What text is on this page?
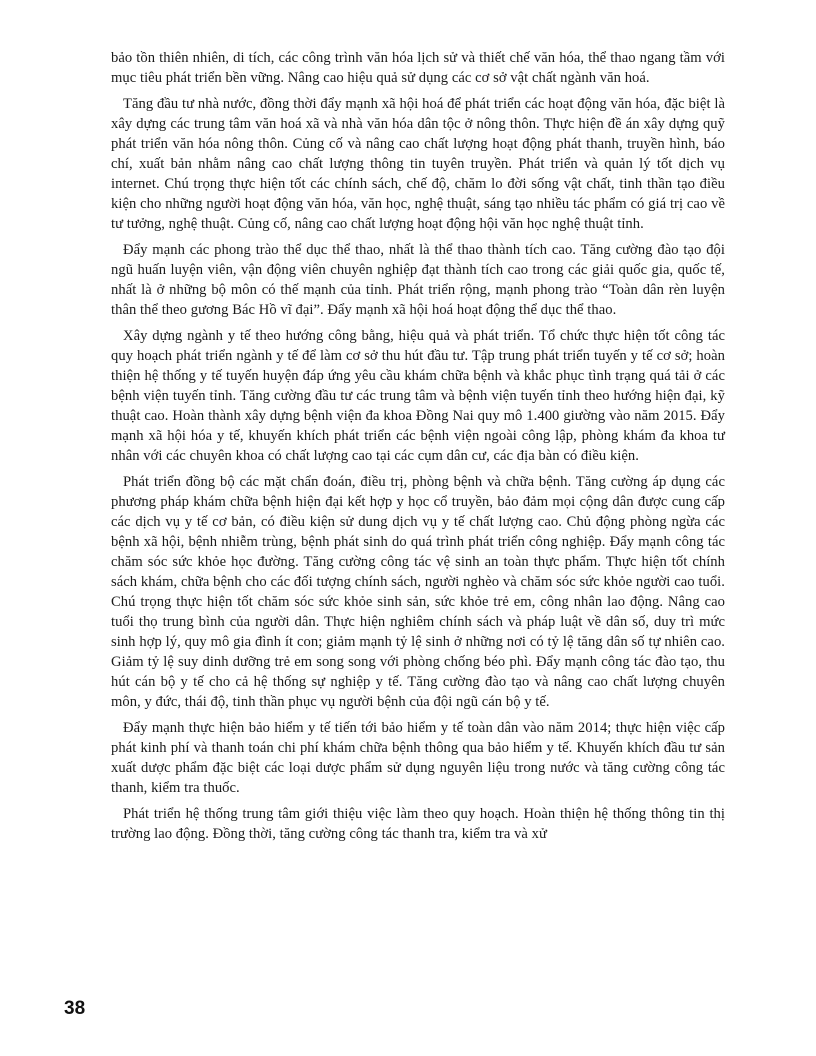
bảo tồn thiên nhiên, di tích, các công trình văn hóa lịch sử và thiết chế văn hóa, thể thao ngang tầm với mục tiêu phát triển bền vững. Nâng cao hiệu quả sử dụng các cơ sở vật chất ngành văn hoá.

Tăng đầu tư nhà nước, đồng thời đẩy mạnh xã hội hoá để phát triển các hoạt động văn hóa, đặc biệt là xây dựng các trung tâm văn hoá xã và nhà văn hóa dân tộc ở nông thôn. Thực hiện đề án xây dựng quỹ phát triển văn hóa nông thôn. Củng cố và nâng cao chất lượng hoạt động phát thanh, truyền hình, báo chí, xuất bản nhằm nâng cao chất lượng thông tin tuyên truyền. Phát triển và quản lý tốt dịch vụ internet. Chú trọng thực hiện tốt các chính sách, chế độ, chăm lo đời sống vật chất, tinh thần tạo điều kiện cho những người hoạt động văn hóa, văn học, nghệ thuật, sáng tạo nhiều tác phẩm có giá trị cao về tư tưởng, nghệ thuật. Củng cố, nâng cao chất lượng hoạt động hội văn học nghệ thuật tỉnh.

Đẩy mạnh các phong trào thể dục thể thao, nhất là thể thao thành tích cao. Tăng cường đào tạo đội ngũ huấn luyện viên, vận động viên chuyên nghiệp đạt thành tích cao trong các giải quốc gia, quốc tế, nhất là ở những bộ môn có thế mạnh của tỉnh. Phát triển rộng, mạnh phong trào “Toàn dân rèn luyện thân thể theo gương Bác Hồ vĩ đại”. Đẩy mạnh xã hội hoá hoạt động thể dục thể thao.

Xây dựng ngành y tế theo hướng công bằng, hiệu quả và phát triển. Tổ chức thực hiện tốt công tác quy hoạch phát triển ngành y tế để làm cơ sở thu hút đầu tư. Tập trung phát triển tuyến y tế cơ sở; hoàn thiện hệ thống y tế tuyến huyện đáp ứng yêu cầu khám chữa bệnh và khắc phục tình trạng quá tải ở các bệnh viện tuyến tỉnh. Tăng cường đầu tư các trung tâm và bệnh viện tuyến tỉnh theo hướng hiện đại, kỹ thuật cao. Hoàn thành xây dựng bệnh viện đa khoa Đồng Nai quy mô 1.400 giường vào năm 2015. Đẩy mạnh xã hội hóa y tế, khuyến khích phát triển các bệnh viện ngoài công lập, phòng khám đa khoa tư nhân với các chuyên khoa có chất lượng cao tại các cụm dân cư, các địa bàn có điều kiện.

Phát triển đồng bộ các mặt chẩn đoán, điều trị, phòng bệnh và chữa bệnh. Tăng cường áp dụng các phương pháp khám chữa bệnh hiện đại kết hợp y học cổ truyền, bảo đảm mọi cộng dân được cung cấp các dịch vụ y tế cơ bản, có điều kiện sử dung dịch vụ y tế chất lượng cao. Chủ động phòng ngừa các bệnh xã hội, bệnh nhiễm trùng, bệnh phát sinh do quá trình phát triển công nghiệp. Đẩy mạnh công tác chăm sóc sức khỏe học đường. Tăng cường công tác vệ sinh an toàn thực phẩm. Thực hiện tốt chính sách khám, chữa bệnh cho các đối tượng chính sách, người nghèo và chăm sóc sức khỏe người cao tuổi. Chú trọng thực hiện tốt chăm sóc sức khỏe sinh sản, sức khỏe trẻ em, công nhân lao động. Nâng cao tuổi thọ trung bình của người dân. Thực hiện nghiêm chính sách và pháp luật về dân số, duy trì mức sinh hợp lý, quy mô gia đình ít con; giảm mạnh tỷ lệ sinh ở những nơi có tỷ lệ tăng dân số tự nhiên cao. Giảm tỷ lệ suy dinh dưỡng trẻ em song song với phòng chống béo phì. Đẩy mạnh công tác đào tạo, thu hút cán bộ y tế cho cả hệ thống sự nghiệp y tế. Tăng cường đào tạo và nâng cao chất lượng chuyên môn, y đức, thái độ, tinh thần phục vụ người bệnh của đội ngũ cán bộ y tế.

Đẩy mạnh thực hiện bảo hiểm y tế tiến tới bảo hiểm y tế toàn dân vào năm 2014; thực hiện việc cấp phát kinh phí và thanh toán chi phí khám chữa bệnh thông qua bảo hiểm y tế. Khuyến khích đầu tư sản xuất dược phẩm đặc biệt các loại dược phẩm sử dụng nguyên liệu trong nước và tăng cường công tác thanh, kiểm tra thuốc.

Phát triển hệ thống trung tâm giới thiệu việc làm theo quy hoạch. Hoàn thiện hệ thống thông tin thị trường lao động. Đồng thời, tăng cường công tác thanh tra, kiểm tra và xử

38
